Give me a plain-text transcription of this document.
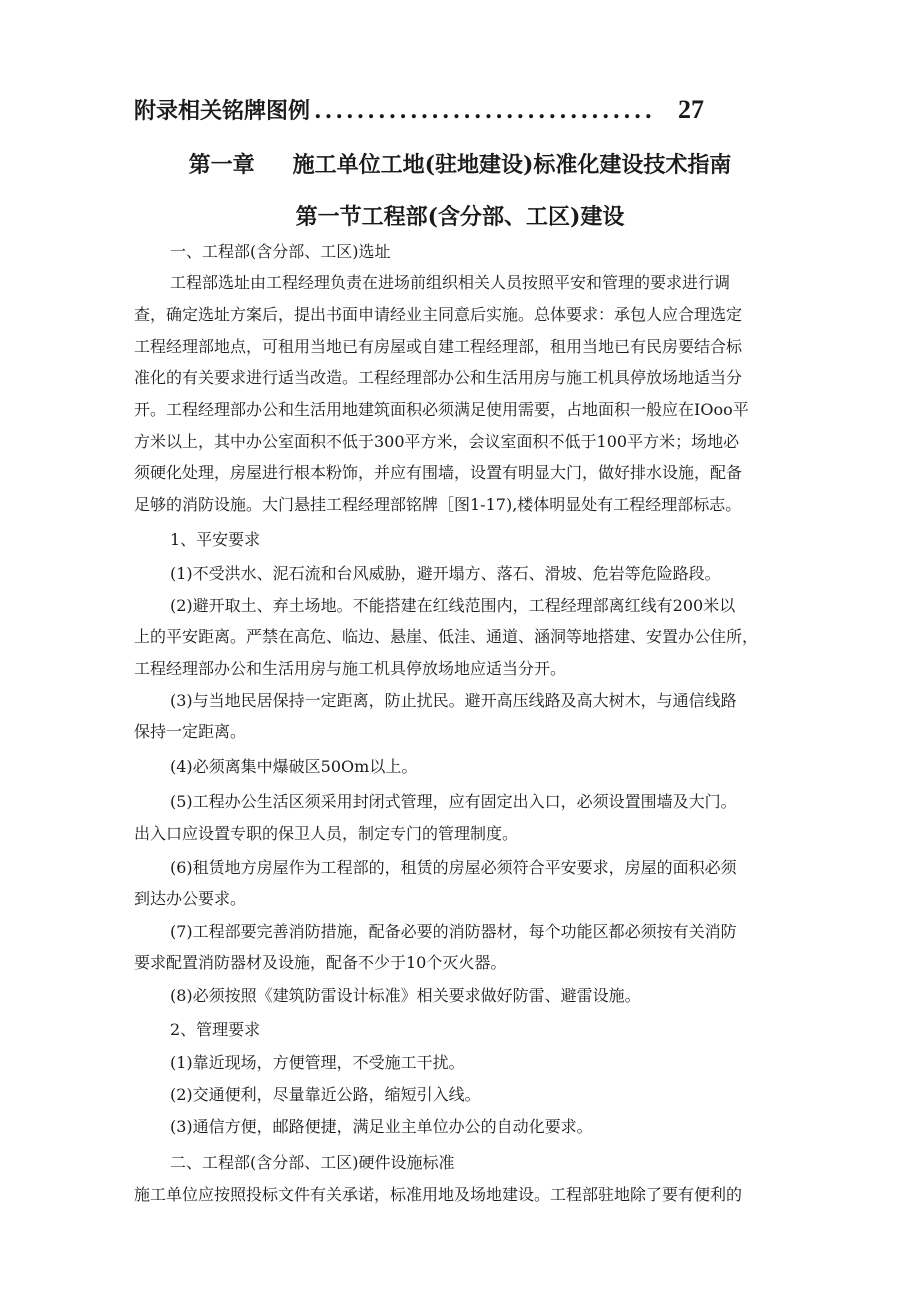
附录相关铭牌图例 ................................ 27
第一章 施工单位工地(驻地建设)标准化建设技术指南
第一节工程部(含分部、工区)建设
一、工程部(含分部、工区)选址
工程部选址由工程经理负责在进场前组织相关人员按照平安和管理的要求进行调
查，确定选址方案后，提出书面申请经业主同意后实施。总体要求：承包人应合理选定
工程经理部地点，可租用当地已有房屋或自建工程经理部，租用当地已有民房要结合标
准化的有关要求进行适当改造。工程经理部办公和生活用房与施工机具停放场地适当分
开。工程经理部办公和生活用地建筑面积必须满足使用需要，占地面积一般应在IOoo平
方米以上，其中办公室面积不低于300平方米，会议室面积不低于100平方米；场地必
须硬化处理，房屋进行根本粉饰，并应有围墙，设置有明显大门，做好排水设施，配备
足够的消防设施。大门悬挂工程经理部铭牌［图1-17),楼体明显处有工程经理部标志。
1、平安要求
(1)不受洪水、泥石流和台风威胁，避开塌方、落石、滑坡、危岩等危险路段。
(2)避开取土、弃土场地。不能搭建在红线范围内，工程经理部离红线有200米以
上的平安距离。严禁在高危、临边、悬崖、低洼、通道、涵洞等地搭建、安置办公住所，
工程经理部办公和生活用房与施工机具停放场地应适当分开。
(3)与当地民居保持一定距离，防止扰民。避开高压线路及高大树木，与通信线路
保持一定距离。
(4)必须离集中爆破区50Om以上。
(5)工程办公生活区须采用封闭式管理，应有固定出入口，必须设置围墙及大门。
出入口应设置专职的保卫人员，制定专门的管理制度。
(6)租赁地方房屋作为工程部的，租赁的房屋必须符合平安要求，房屋的面积必须
到达办公要求。
(7)工程部要完善消防措施，配备必要的消防器材，每个功能区都必须按有关消防
要求配置消防器材及设施，配备不少于10个灭火器。
(8)必须按照《建筑防雷设计标准》相关要求做好防雷、避雷设施。
2、管理要求
(1)靠近现场，方便管理，不受施工干扰。
(2)交通便利，尽量靠近公路，缩短引入线。
(3)通信方便，邮路便捷，满足业主单位办公的自动化要求。
二、工程部(含分部、工区)硬件设施标准
施工单位应按照投标文件有关承诺，标准用地及场地建设。工程部驻地除了要有便利的
